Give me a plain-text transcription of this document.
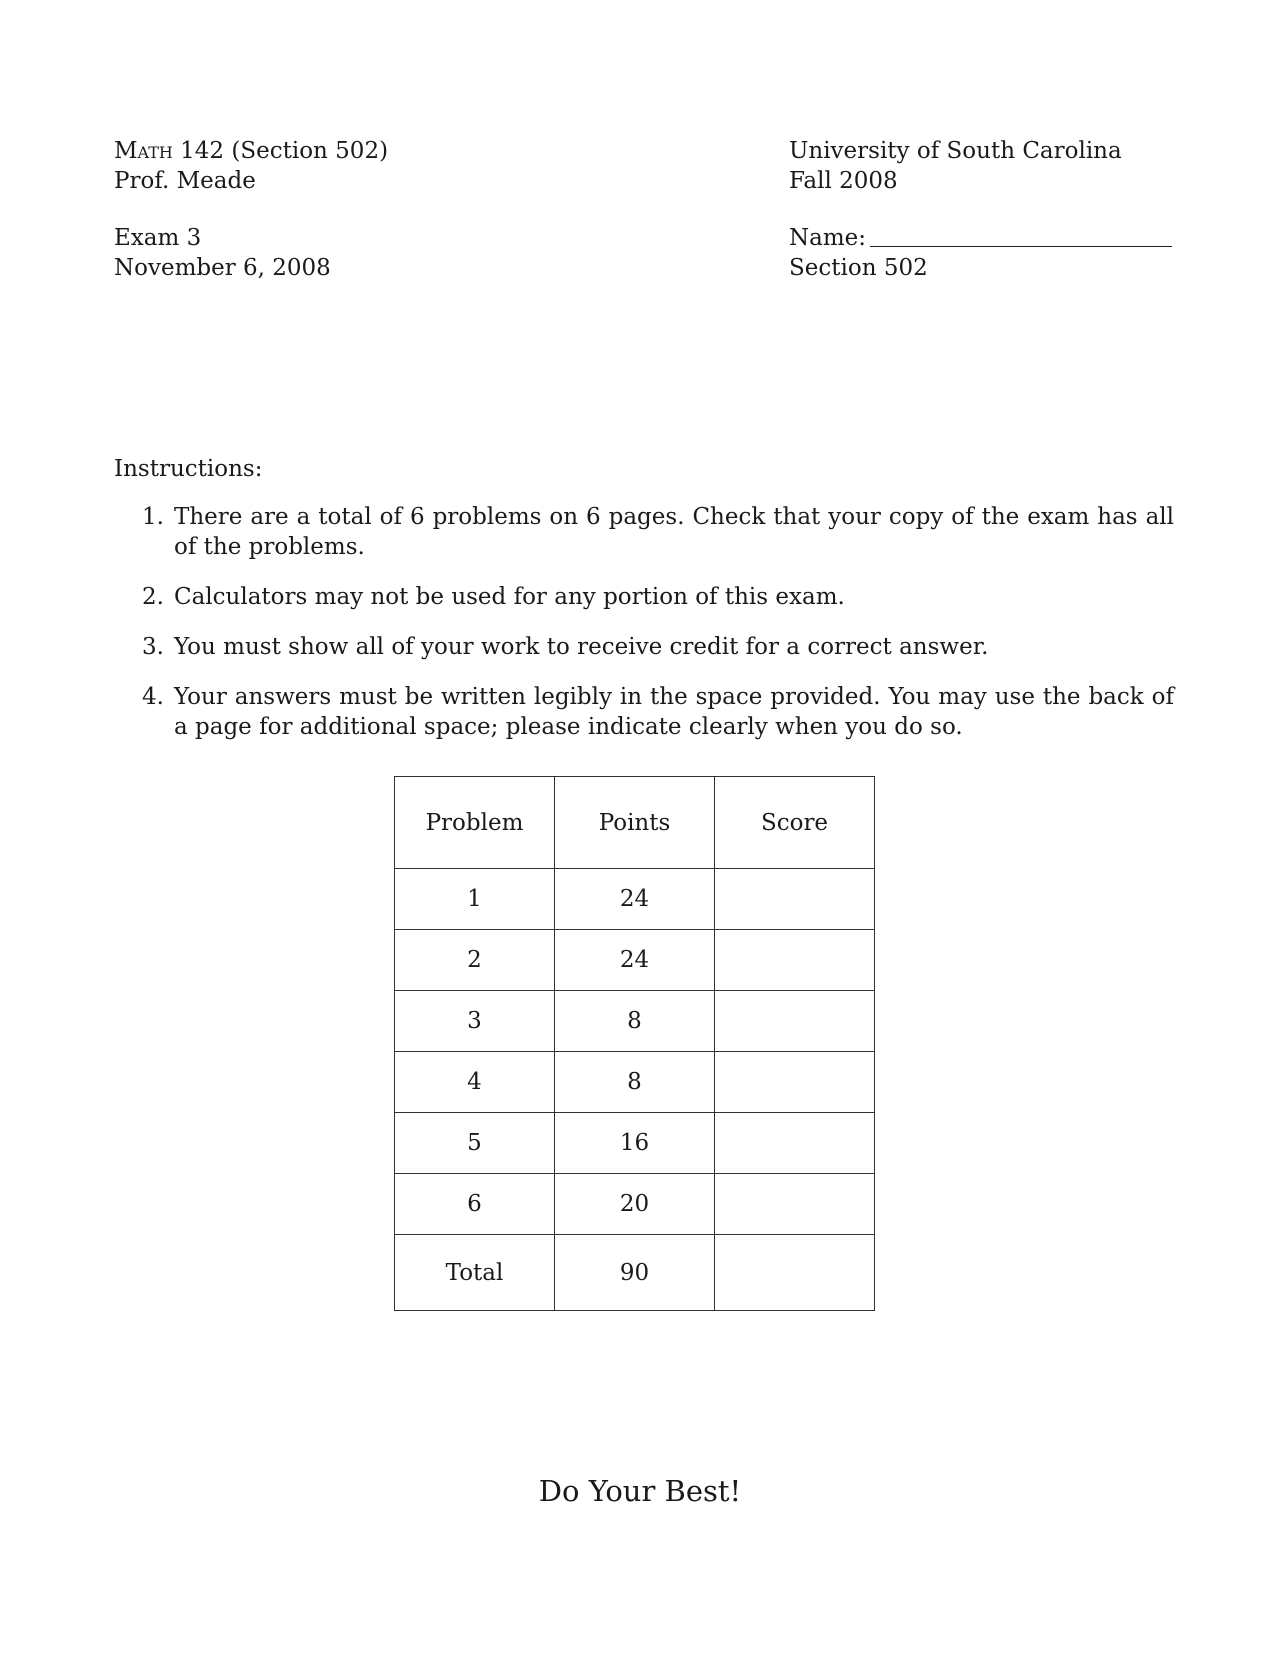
Math 142 (Section 502)
Prof. Meade
Exam 3
November 6, 2008
University of South Carolina
Fall 2008
Name:
Section 502
Instructions:
1. There are a total of 6 problems on 6 pages. Check that your copy of the exam has all of the problems.
2. Calculators may not be used for any portion of this exam.
3. You must show all of your work to receive credit for a correct answer.
4. Your answers must be written legibly in the space provided. You may use the back of a page for additional space; please indicate clearly when you do so.
Problem	Points	Score
1	24	
2	24	
3	8	
4	8	
5	16	
6	20	
Total	90	
Do Your Best!
